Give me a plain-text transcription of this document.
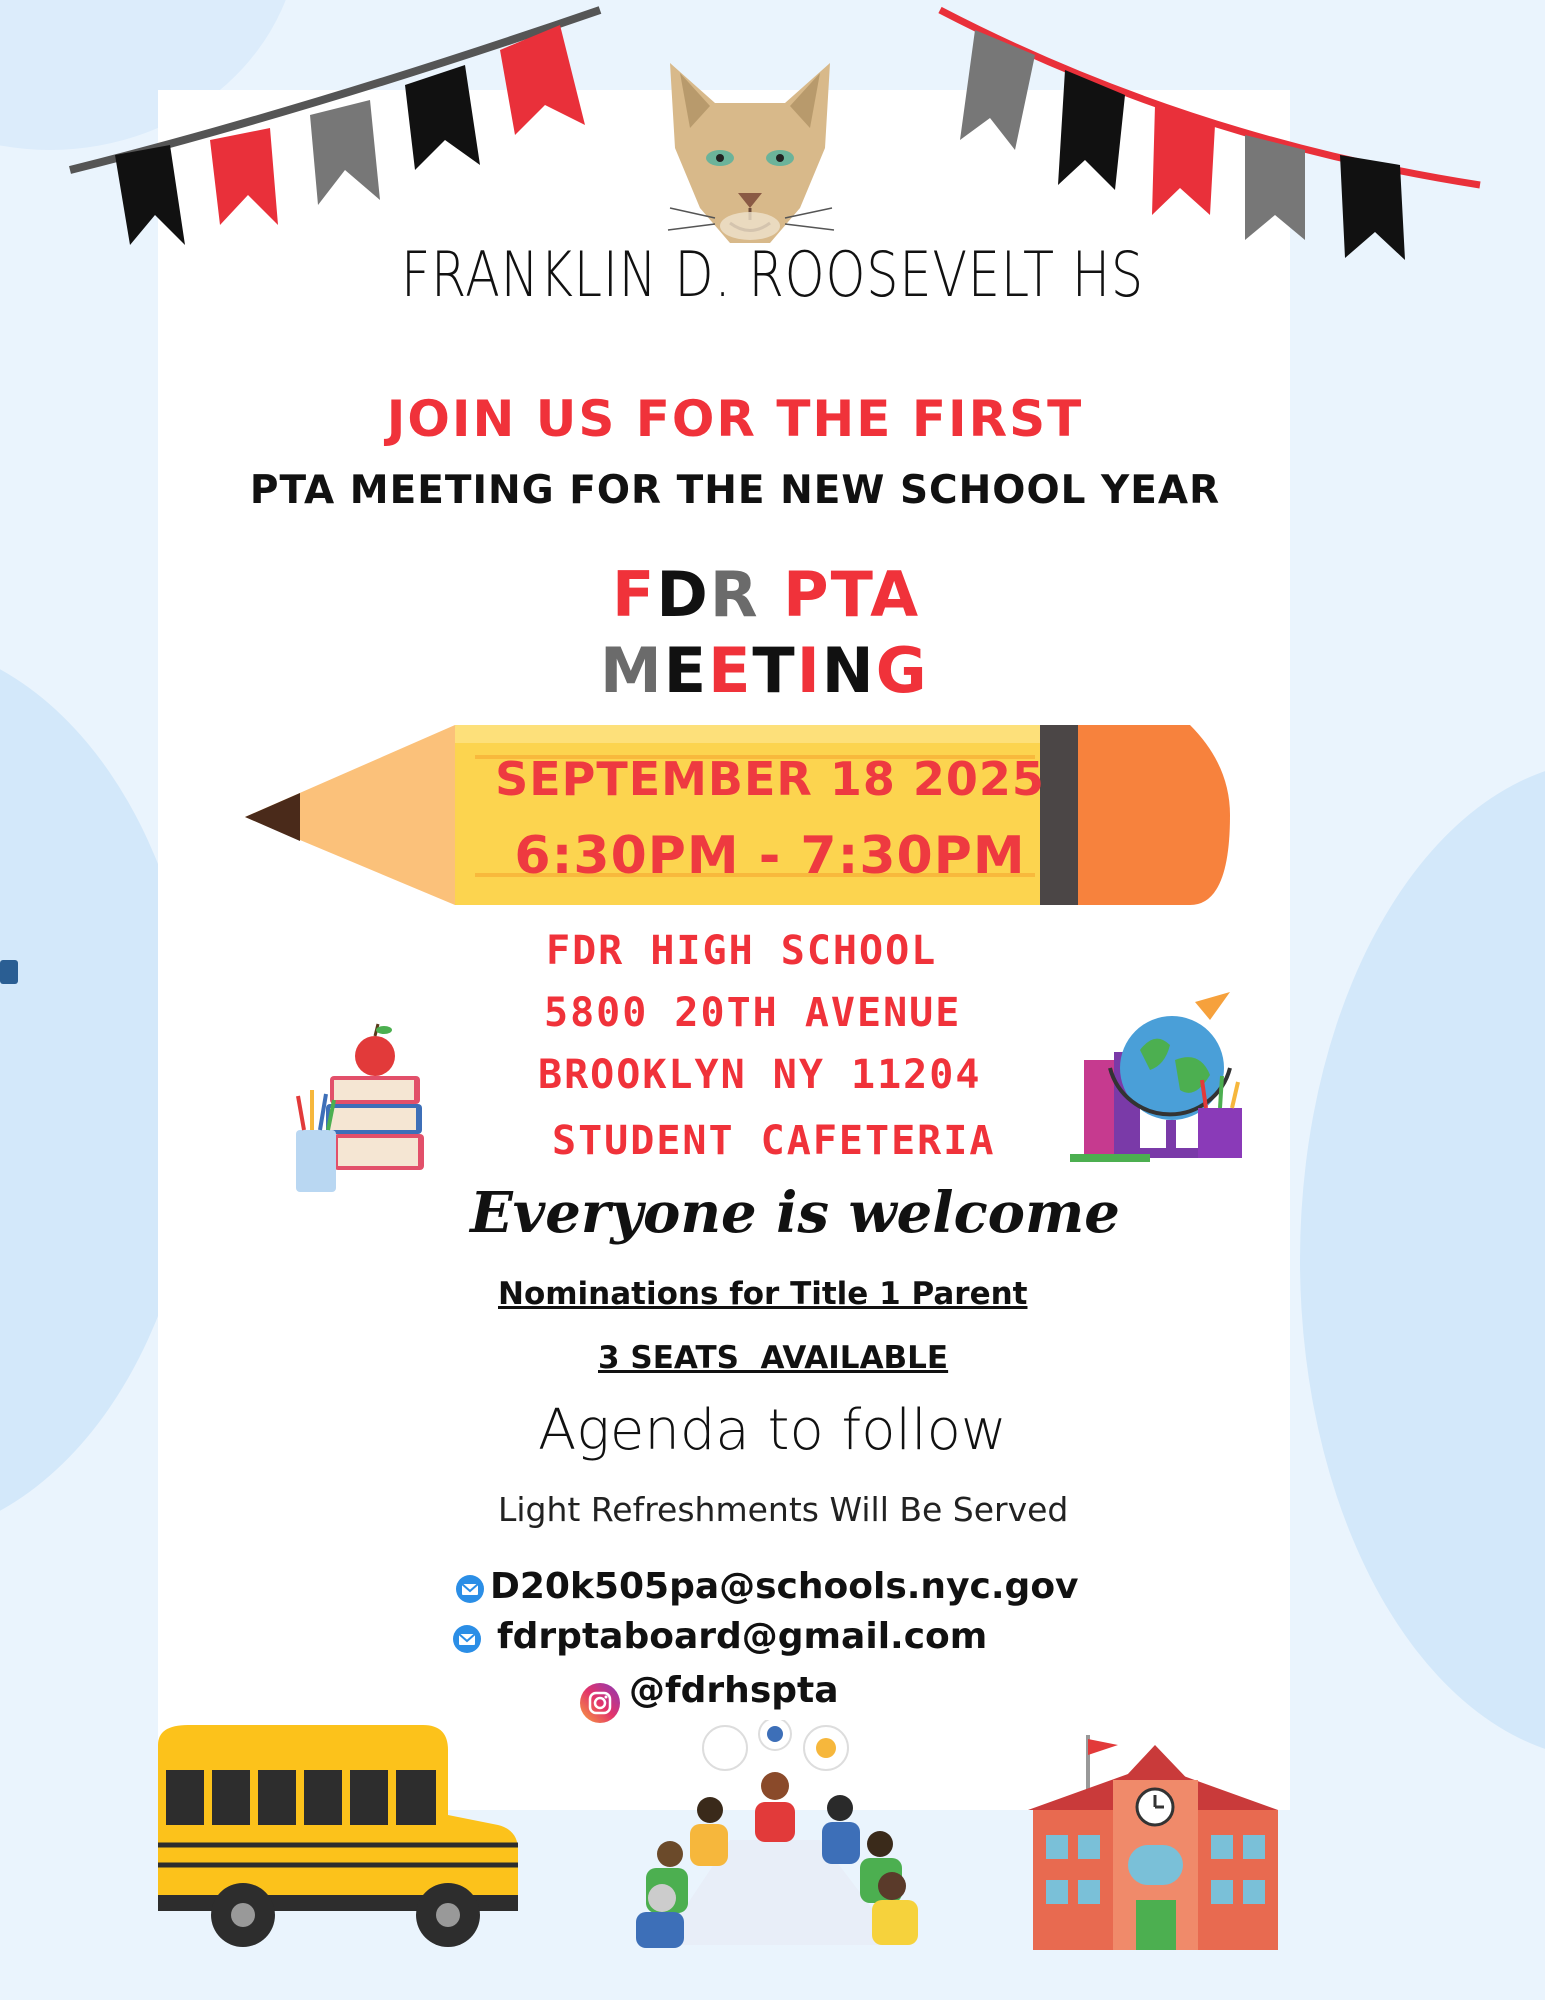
FRANKLIN D. ROOSEVELT HS
JOIN US FOR THE FIRST
PTA MEETING FOR THE NEW SCHOOL YEAR
FDR PTA
MEETING
SEPTEMBER 18 2025
6:30PM - 7:30PM
FDR HIGH SCHOOL
5800 20TH AVENUE
BROOKLYN NY 11204
STUDENT CAFETERIA
Everyone is welcome
Nominations for Title 1 Parent
3 SEATS  AVAILABLE
Agenda to follow
Light Refreshments Will Be Served
D20k505pa@schools.nyc.gov
fdrptaboard@gmail.com
@fdrhspta
